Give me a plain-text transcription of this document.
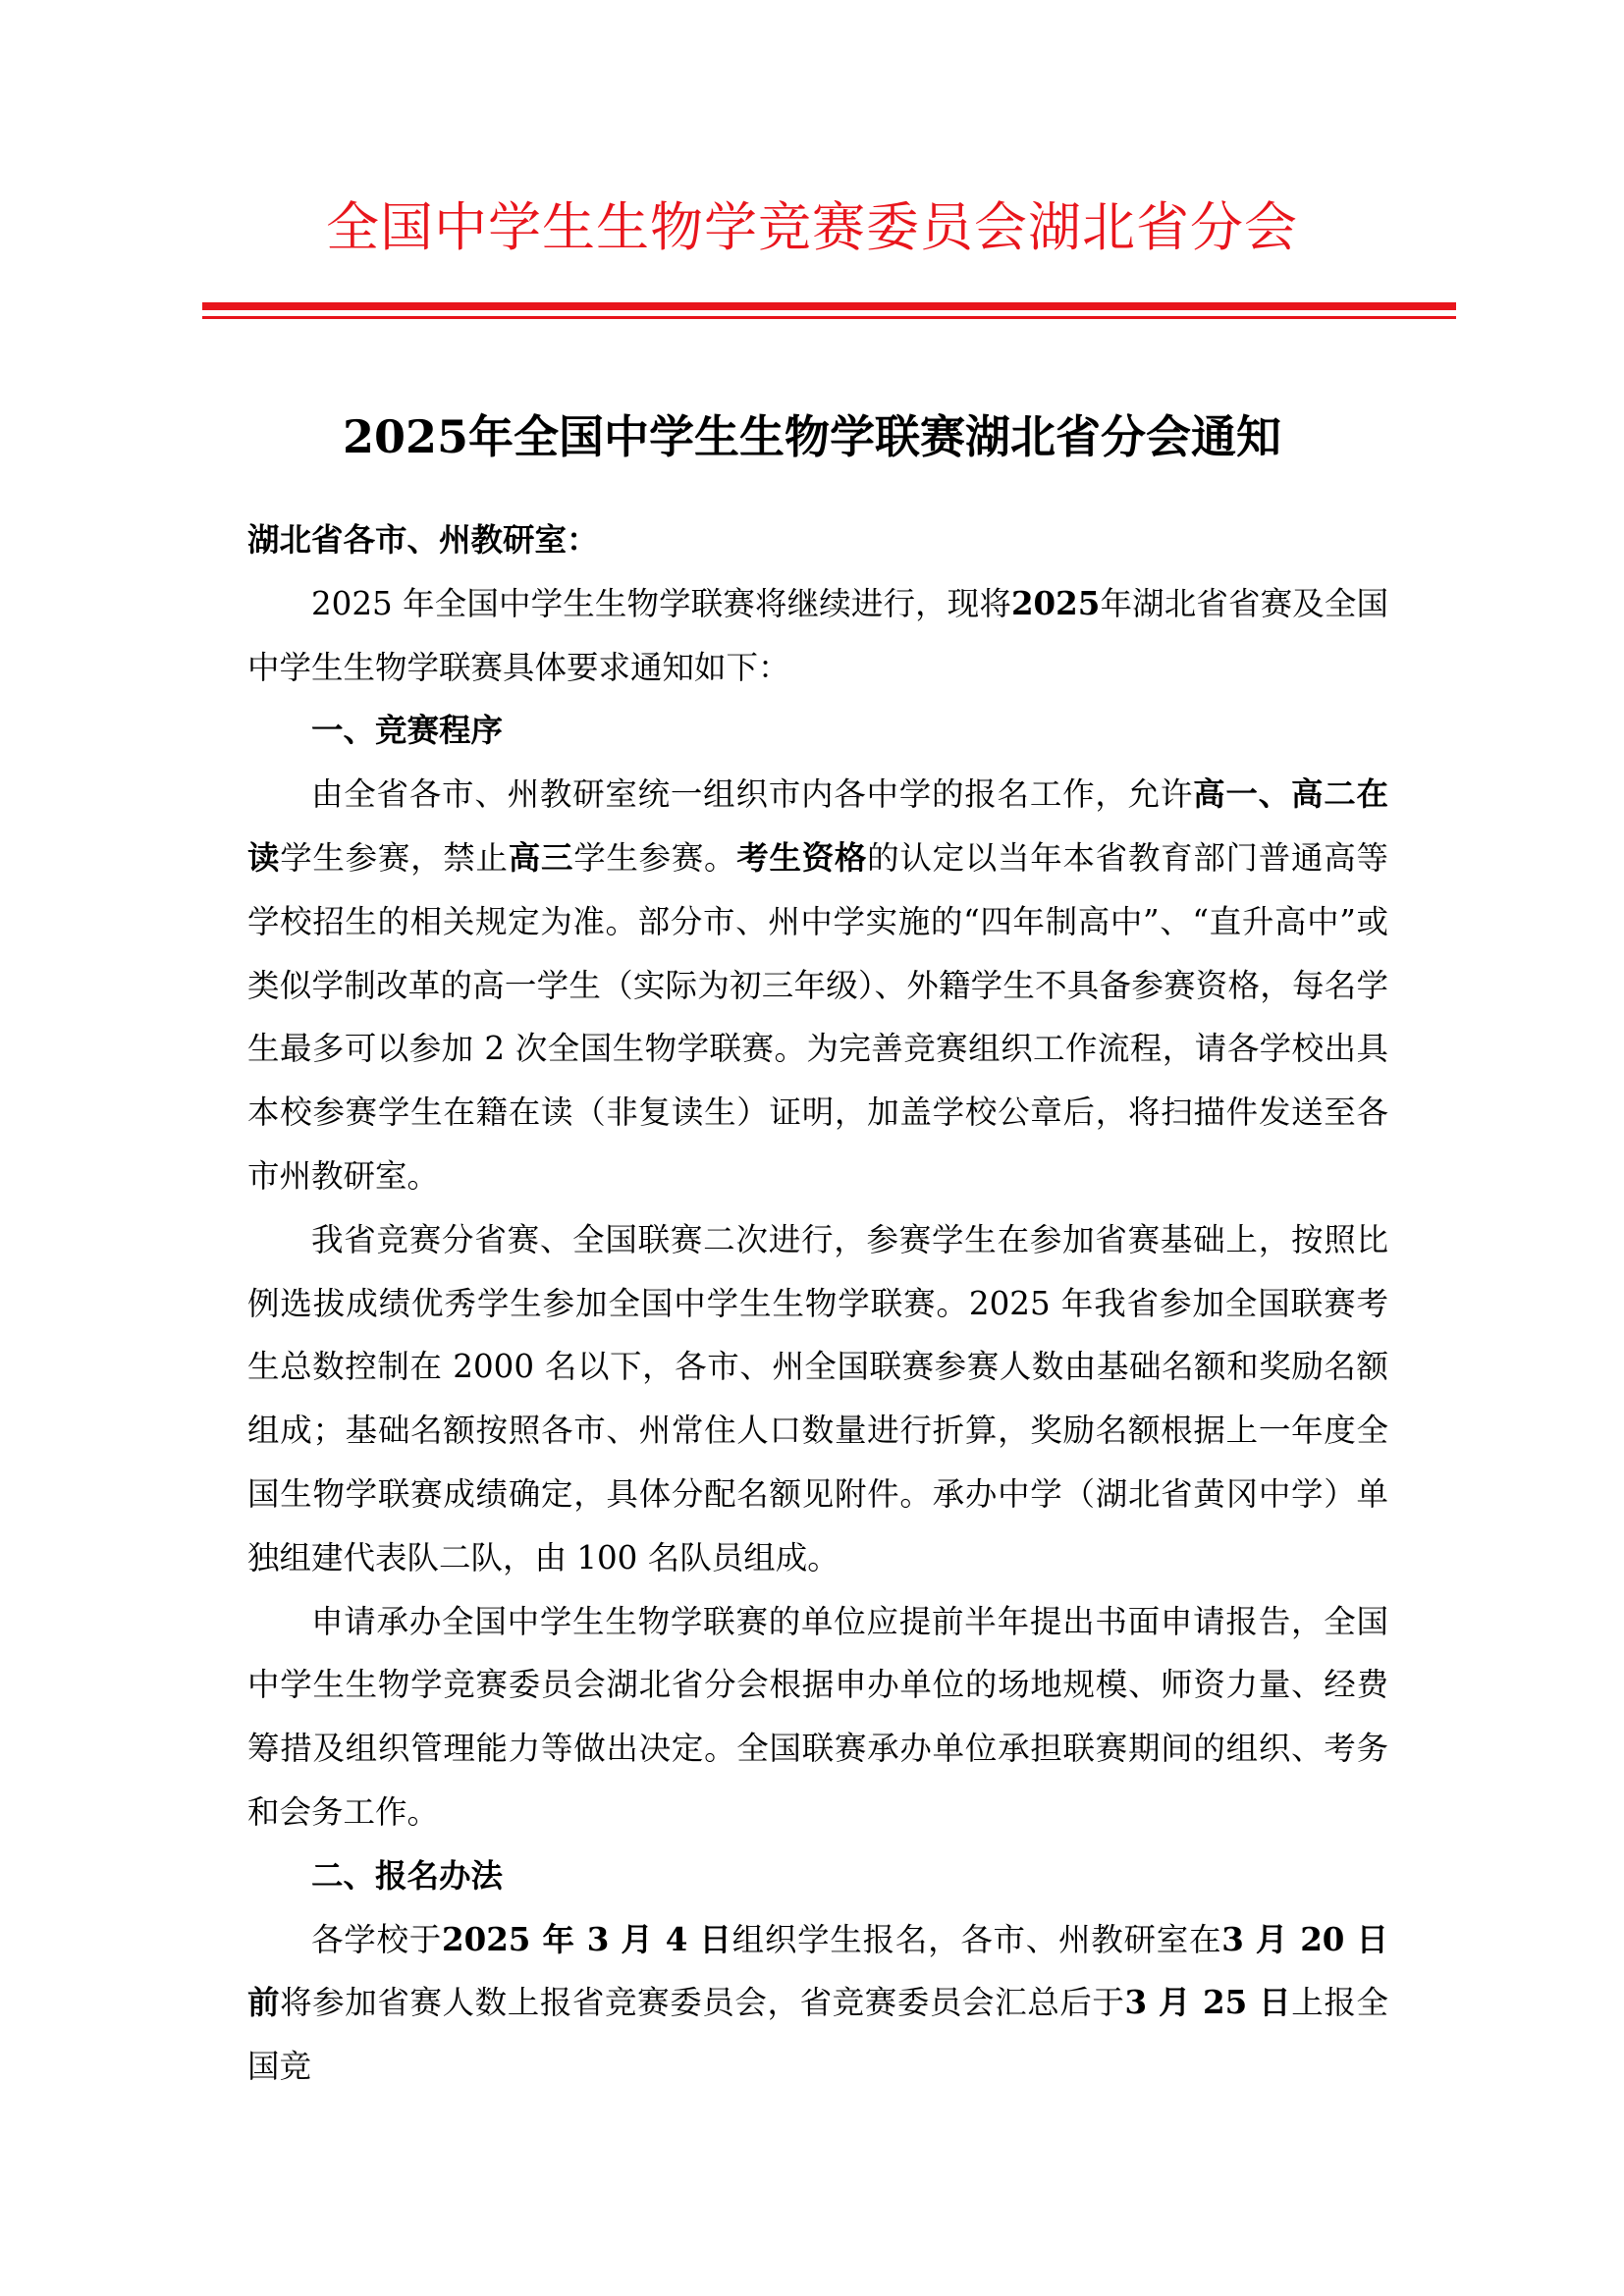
全国中学生生物学竞赛委员会湖北省分会
2025年全国中学生生物学联赛湖北省分会通知

湖北省各市、州教研室：

2025 年全国中学生生物学联赛将继续进行，现将2025年湖北省省赛及全国中学生生物学联赛具体要求通知如下：

一、竞赛程序

由全省各市、州教研室统一组织市内各中学的报名工作，允许高一、高二在读学生参赛，禁止高三学生参赛。考生资格的认定以当年本省教育部门普通高等学校招生的相关规定为准。部分市、州中学实施的“四年制高中”、“直升高中”或类似学制改革的高一学生（实际为初三年级）、外籍学生不具备参赛资格，每名学生最多可以参加 2 次全国生物学联赛。为完善竞赛组织工作流程，请各学校出具本校参赛学生在籍在读（非复读生）证明，加盖学校公章后，将扫描件发送至各市州教研室。

我省竞赛分省赛、全国联赛二次进行，参赛学生在参加省赛基础上，按照比例选拔成绩优秀学生参加全国中学生生物学联赛。2025 年我省参加全国联赛考生总数控制在 2000 名以下，各市、州全国联赛参赛人数由基础名额和奖励名额组成；基础名额按照各市、州常住人口数量进行折算，奖励名额根据上一年度全国生物学联赛成绩确定，具体分配名额见附件。承办中学（湖北省黄冈中学）单独组建代表队二队，由 100 名队员组成。

申请承办全国中学生生物学联赛的单位应提前半年提出书面申请报告，全国中学生生物学竞赛委员会湖北省分会根据申办单位的场地规模、师资力量、经费筹措及组织管理能力等做出决定。全国联赛承办单位承担联赛期间的组织、考务和会务工作。

二、报名办法

各学校于2025 年 3 月 4 日组织学生报名，各市、州教研室在3 月 20 日前将参加省赛人数上报省竞赛委员会，省竞赛委员会汇总后于3 月 25 日上报全国竞
